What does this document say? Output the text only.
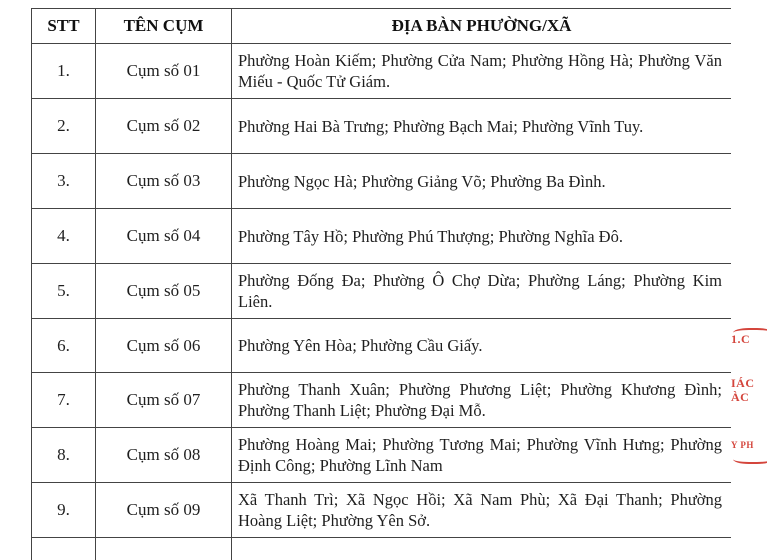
STT	TÊN CỤM	ĐỊA BÀN PHƯỜNG/XÃ
1.	Cụm số 01	Phường Hoàn Kiếm; Phường Cửa Nam; Phường Hồng Hà; Phường Văn Miếu - Quốc Tử Giám.
2.	Cụm số 02	Phường Hai Bà Trưng; Phường Bạch Mai; Phường Vĩnh Tuy.
3.	Cụm số 03	Phường Ngọc Hà; Phường Giảng Võ; Phường Ba Đình.
4.	Cụm số 04	Phường Tây Hồ; Phường Phú Thượng; Phường Nghĩa Đô.
5.	Cụm số 05	Phường Đống Đa; Phường Ô Chợ Dừa; Phường Láng; Phường Kim Liên.
6.	Cụm số 06	Phường Yên Hòa; Phường Cầu Giấy.
7.	Cụm số 07	Phường Thanh Xuân; Phường Phương Liệt; Phường Khương Đình; Phường Thanh Liệt; Phường Đại Mỗ.
8.	Cụm số 08	Phường Hoàng Mai; Phường Tương Mai; Phường Vĩnh Hưng; Phường Định Công; Phường Lĩnh Nam
9.	Cụm số 09	Xã Thanh Trì; Xã Ngọc Hồi; Xã Nam Phù; Xã Đại Thanh; Phường Hoàng Liệt; Phường Yên Sở.

1.C
IÁC
ÀC
Y PH
